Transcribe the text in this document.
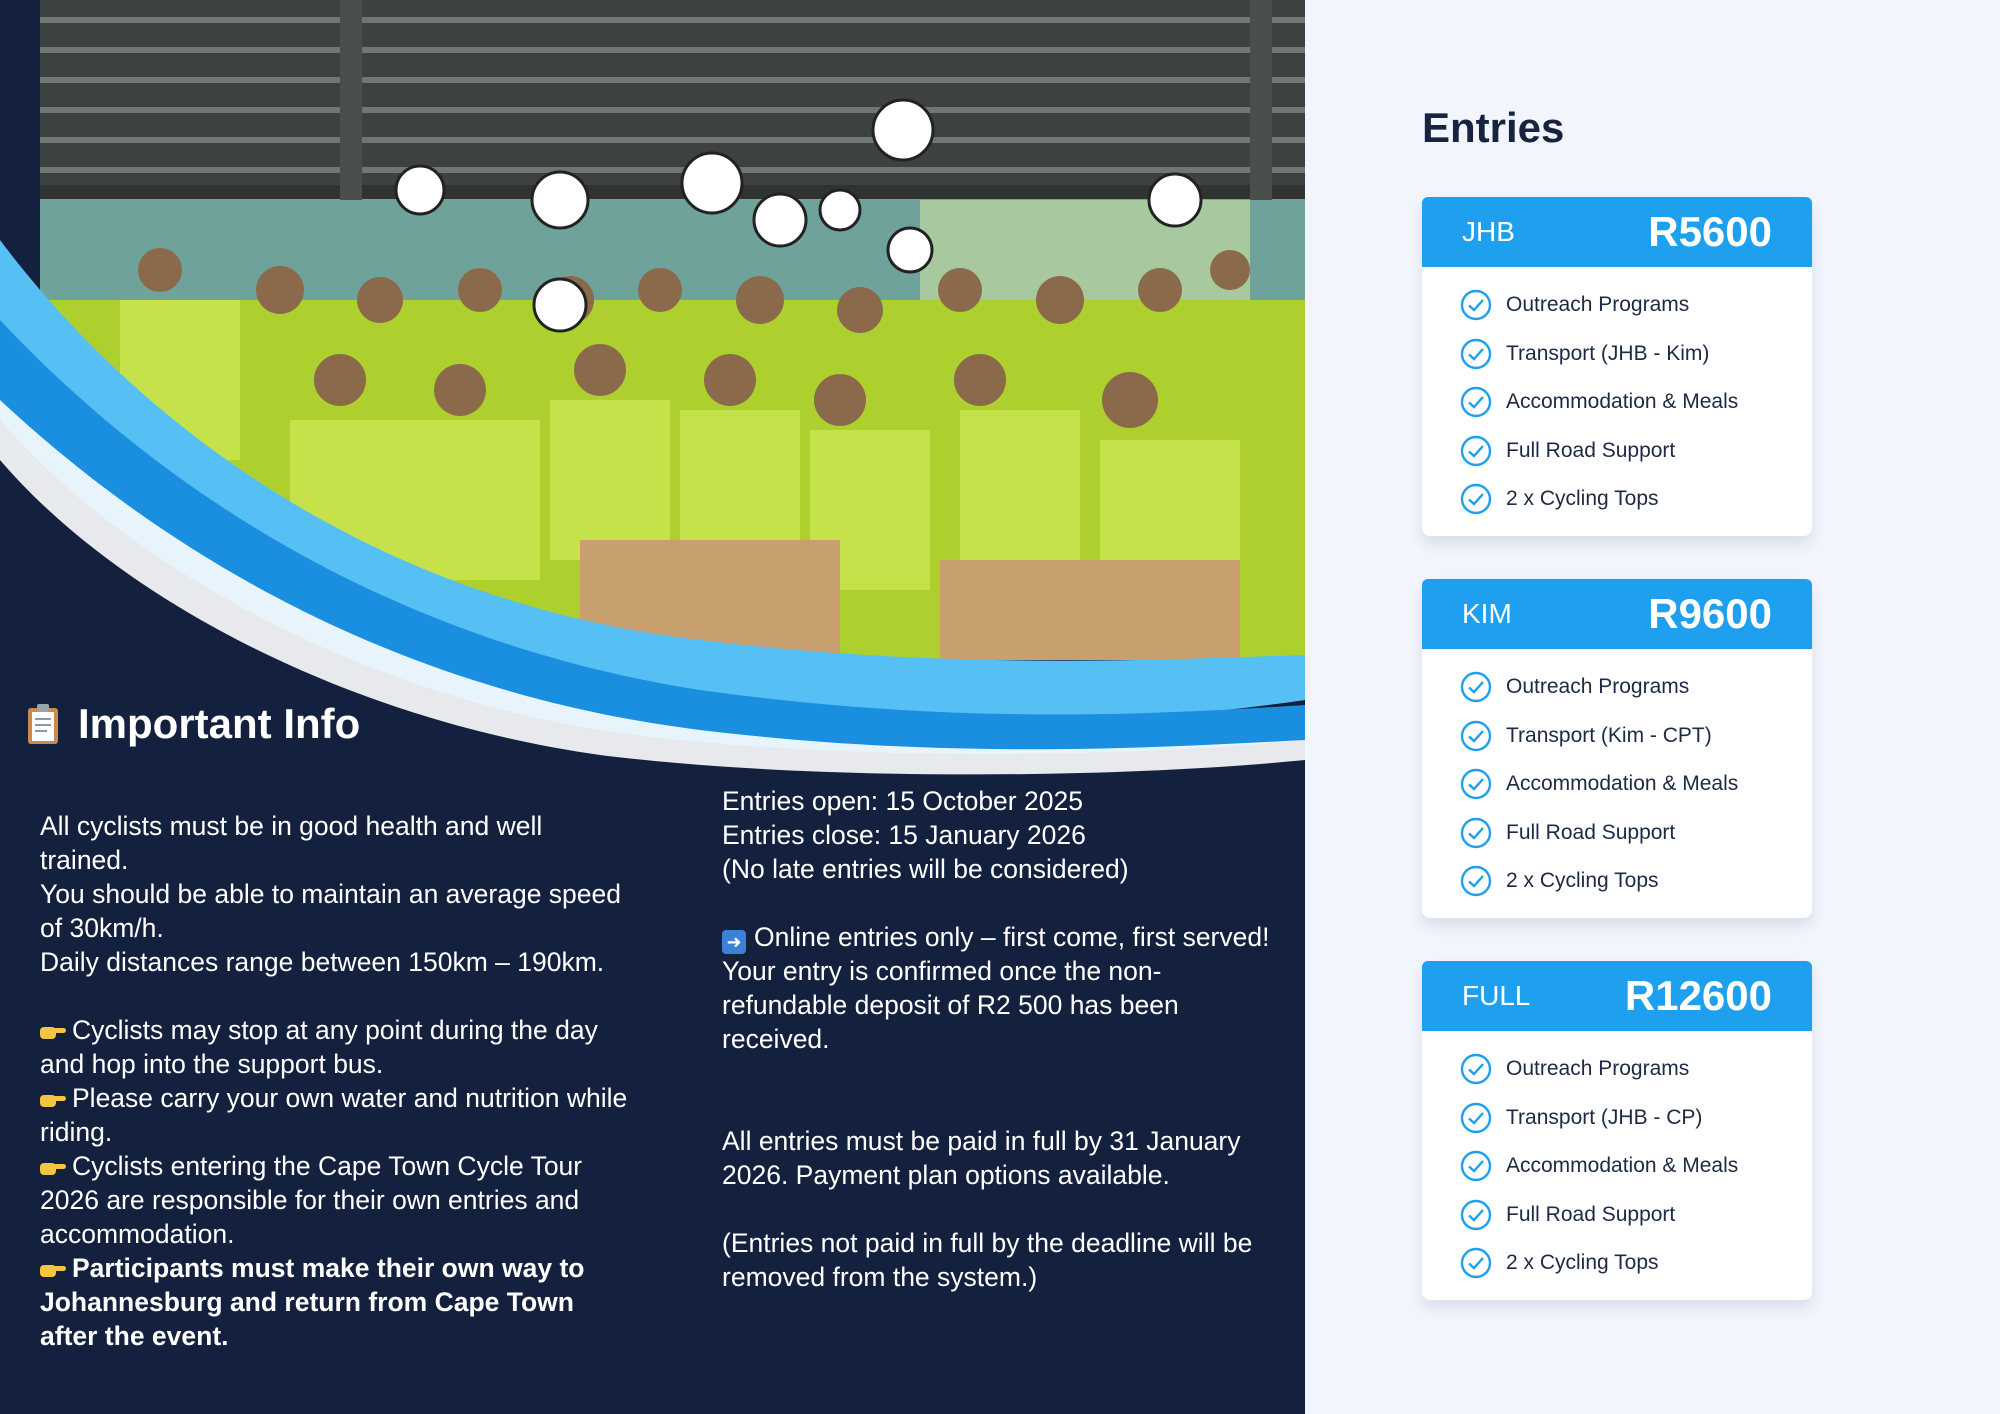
Important Info

All cyclists must be in good health and well trained.

You should be able to maintain an average speed of 30km/h.

Daily distances range between 150km – 190km.

Cyclists may stop at any point during the day and hop into the support bus.

Please carry your own water and nutrition while riding.

Cyclists entering the Cape Town Cycle Tour 2026 are responsible for their own entries and accommodation.

Participants must make their own way to Johannesburg and return from Cape Town after the event.

Entries open: 15 October 2025

Entries close: 15 January 2026

(No late entries will be considered)

➜ Online entries only – first come, first served!

Your entry is confirmed once the non-refundable deposit of R2 500 has been received.

All entries must be paid in full by 31 January 2026. Payment plan options available.

(Entries not paid in full by the deadline will be removed from the system.)

Entries
JHB	R5600
Outreach Programs
Transport (JHB - Kim)
Accommodation & Meals
Full Road Support
2 x Cycling Tops
KIM	R9600
Outreach Programs
Transport (Kim - CPT)
Accommodation & Meals
Full Road Support
2 x Cycling Tops
FULL R12600
Outreach Programs
Transport (JHB - CP)
Accommodation & Meals
Full Road Support
2 x Cycling Tops
